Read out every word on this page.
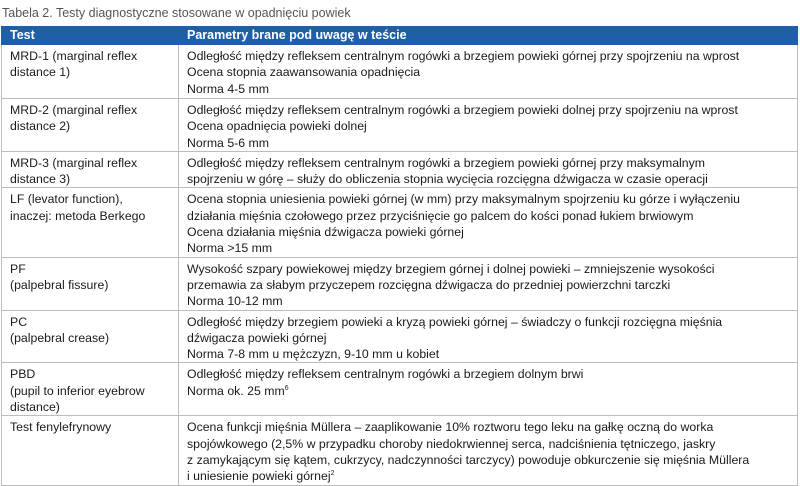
Tabela 2. Testy diagnostyczne stosowane w opadnięciu powiek
Test	Parametry brane pod uwagę w teście

MRD-1 (marginal reflex
distance 1)	Odległość między refleksem centralnym rogówki a brzegiem powieki górnej przy spojrzeniu na wprost
Ocena stopnia zaawansowania opadnięcia
Norma 4-5 mm

MRD-2 (marginal reflex
distance 2)	Odległość między refleksem centralnym rogówki a brzegiem powieki dolnej przy spojrzeniu na wprost
Ocena opadnięcia powieki dolnej
Norma 5-6 mm

MRD-3 (marginal reflex
distance 3)	Odległość między refleksem centralnym rogówki a brzegiem powieki górnej przy maksymalnym
spojrzeniu w górę – służy do obliczenia stopnia wycięcia rozcięgna dźwigacza w czasie operacji

LF (levator function),
inaczej: metoda Berkego	Ocena stopnia uniesienia powieki górnej (w mm) przy maksymalnym spojrzeniu ku górze i wyłączeniu
działania mięśnia czołowego przez przyciśnięcie go palcem do kości ponad łukiem brwiowym
Ocena działania mięśnia dźwigacza powieki górnej
Norma >15 mm

PF
(palpebral fissure)	Wysokość szpary powiekowej między brzegiem górnej i dolnej powieki – zmniejszenie wysokości
przemawia za słabym przyczepem rozcięgna dźwigacza do przedniej powierzchni tarczki
Norma 10-12 mm

PC
(palpebral crease)	Odległość między brzegiem powieki a kryzą powieki górnej – świadczy o funkcji rozcięgna mięśnia
dźwigacza powieki górnej
Norma 7-8 mm u mężczyzn, 9-10 mm u kobiet

PBD
(pupil to inferior eyebrow
distance)	Odległość między refleksem centralnym rogówki a brzegiem dolnym brwi
Norma ok. 25 $mm^6$

Test fenylefrynowy	Ocena funkcji mięśnia Müllera – zaaplikowanie 10% roztworu tego leku na gałkę oczną do worka
spojówkowego (2,5% w przypadku choroby niedokrwiennej serca, nadciśnienia tętniczego, jaskry
z zamykającym się kątem, cukrzycy, nadczynności tarczycy) powoduje obkurczenie się mięśnia Müllera
i uniesienie powieki górnej$^2$
